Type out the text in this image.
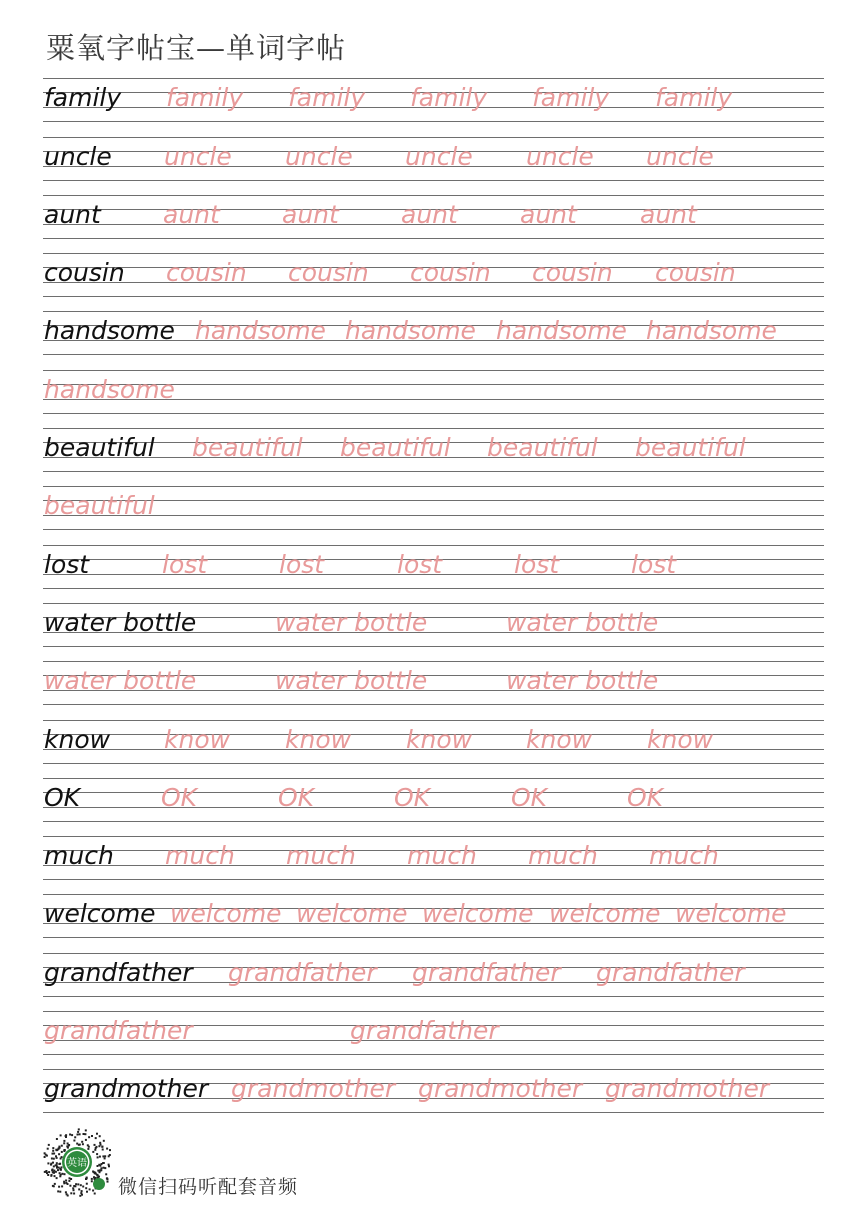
粟氧字帖宝—单词字帖
family family family family family family
uncle uncle uncle uncle uncle uncle
aunt aunt aunt aunt aunt	aunt
cousin cousin cousin cousin cousin cousin
handsome handsome handsome handsome handsome
handsome
beautiful beautiful beautiful beautiful beautiful
beautiful
lost	lost	lost	lost	lost	lost
water bottle	water bottle	water bottle
water bottle	water bottle	water bottle
know know know know know know
OK	OK	OK	OK	OK	OK
much much much much much much
welcome welcome welcome welcome welcome welcome
grandfather grandfather grandfather grandfather
grandfather	grandfather
grandmother grandmother grandmother grandmother
英语
微信扫码听配套音频
